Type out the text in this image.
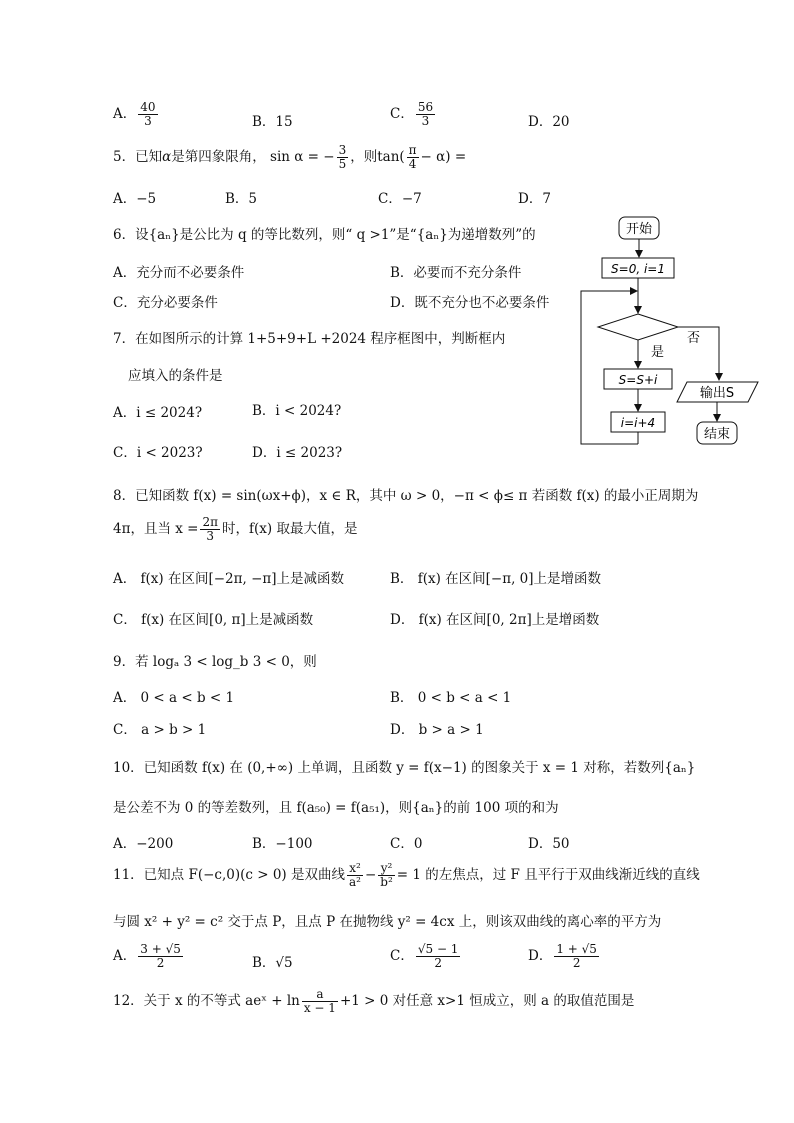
A． $\frac{40}{3}$	B．15	C． $\frac{56}{3}$	D．20
5．已知α是第四象限角， sin α = − $\frac{3}{5}$ ，则$\tan( \frac{\pi}{4} - \alpha)$ =
A．−5	B．5	C．−7	D．7
6．设{aₙ}是公比为 q 的等比数列，则“ q >1”是“{aₙ}为递增数列”的
A．充分而不必要条件	B．必要而不充分条件
C．充分必要条件	D．既不充分也不必要条件
7．在如图所示的计算 1+5+9+L +2024 程序框图中，判断框内
应填入的条件是
A．i ≤ 2024?	B．i < 2024?
C．i < 2023?	D．i ≤ 2023?
开始
S=0, i=1
否
是
S=S+i
i=i+4
输出S
结束
8．已知函数 f(x) = sin(ωx+ϕ)，x ∈ R，其中 ω > 0，−π < ϕ≤ π 若函数 f(x) 的最小正周期为
4π，且当 $x = \frac{2\pi}{3}$ 时，f(x) 取最大值，是
A． f(x) 在区间[−2π, −π]上是减函数	B． f(x) 在区间[−π, 0]上是增函数
C． f(x) 在区间[0, π]上是减函数	D． f(x) 在区间[0, 2π]上是增函数
9．若 logₐ 3 < log_b 3 < 0，则
A． 0 < a < b < 1	B． 0 < b < a < 1
C． a > b > 1	D． b > a > 1
10．已知函数 f(x) 在 (0,+∞) 上单调，且函数 y = f(x−1) 的图象关于 x = 1 对称，若数列{aₙ}
是公差不为 0 的等差数列，且 f(a₅₀) = f(a₅₁)，则{aₙ}的前 100 项的和为
A．−200	B．−100	C．0	D．50
11．已知点 F(−c,0)(c > 0) 是双曲线 $\frac{\text{x²}}{\text{a²}} - \frac{\text{y²}}{\text{b²}} = 1$ 的左焦点，过 F 且平行于双曲线渐近线的直线
与圆 x² + y² = c² 交于点 P，且点 P 在抛物线 y² = 4cx 上，则该双曲线的离心率的平方为
A． $\frac{3 + √5}{2}$	B．√5	C． $\frac{√5 - 1}{2}$	D． $\frac{1 + √5}{2}$
12．关于 x 的不等式 aeˣ + $\ln \frac{a}{x - 1} +1 > 0$ 对任意 x>1 恒成立，则 a 的取值范围是
